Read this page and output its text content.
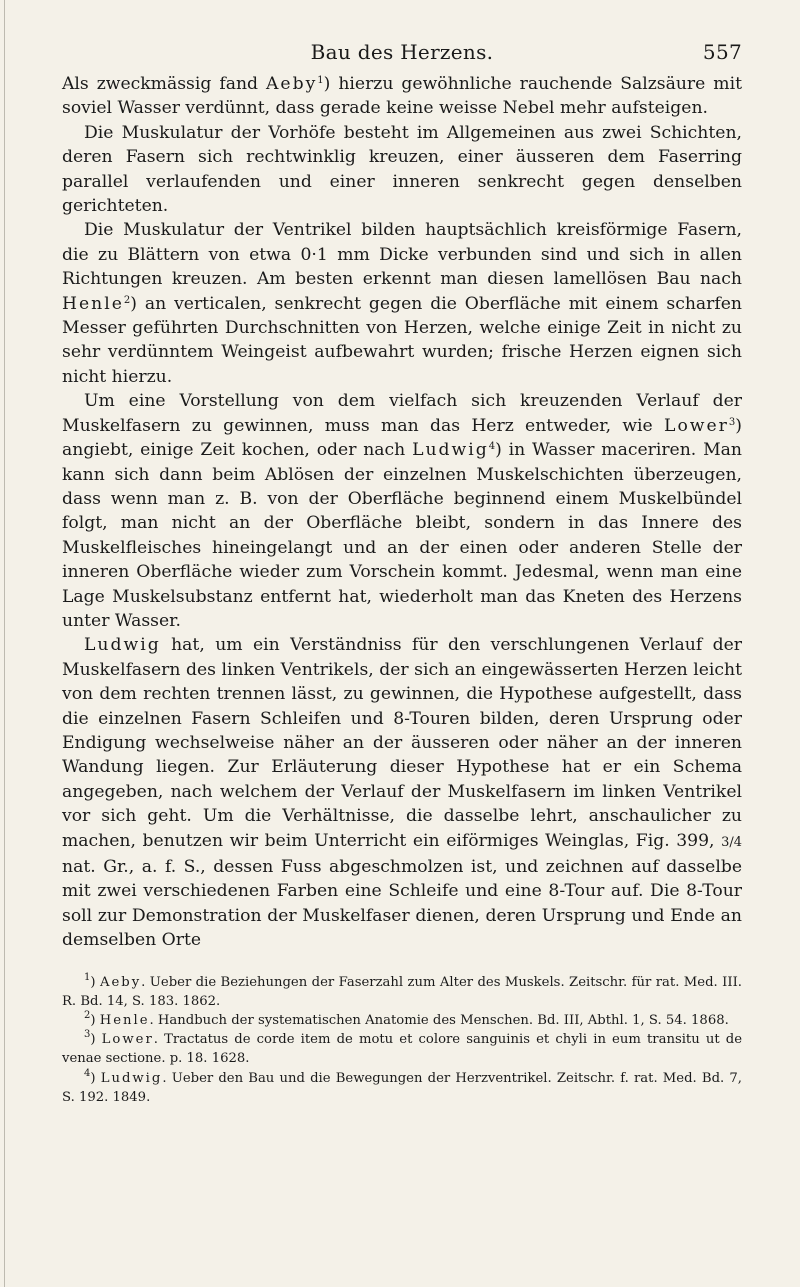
Bau des Herzens.	557

Als zweckmässig fand Aeby$^1$) hierzu gewöhnliche rauchende Salzsäure mit soviel Wasser verdünnt, dass gerade keine weisse Nebel mehr aufsteigen.

Die Muskulatur der Vorhöfe besteht im Allgemeinen aus zwei Schichten, deren Fasern sich rechtwinklig kreuzen, einer äusseren dem Faserring parallel verlaufenden und einer inneren senkrecht gegen denselben gerichteten.

Die Muskulatur der Ventrikel bilden hauptsächlich kreisförmige Fasern, die zu Blättern von etwa 0·1 mm Dicke verbunden sind und sich in allen Richtungen kreuzen. Am besten erkennt man diesen lamellösen Bau nach Henle$^2$) an verticalen, senkrecht gegen die Oberfläche mit einem scharfen Messer geführten Durchschnitten von Herzen, welche einige Zeit in nicht zu sehr verdünntem Weingeist aufbewahrt wurden; frische Herzen eignen sich nicht hierzu.

Um eine Vorstellung von dem vielfach sich kreuzenden Verlauf der Muskelfasern zu gewinnen, muss man das Herz entweder, wie Lower$^3$) angiebt, einige Zeit kochen, oder nach Ludwig$^4$) in Wasser maceriren. Man kann sich dann beim Ablösen der einzelnen Muskelschichten überzeugen, dass wenn man z. B. von der Oberfläche beginnend einem Muskelbündel folgt, man nicht an der Oberfläche bleibt, sondern in das Innere des Muskelfleisches hineingelangt und an der einen oder anderen Stelle der inneren Oberfläche wieder zum Vorschein kommt. Jedesmal, wenn man eine Lage Muskelsubstanz entfernt hat, wiederholt man das Kneten des Herzens unter Wasser.

Ludwig hat, um ein Verständniss für den verschlungenen Verlauf der Muskelfasern des linken Ventrikels, der sich an eingewässerten Herzen leicht von dem rechten trennen lässt, zu gewinnen, die Hypothese aufgestellt, dass die einzelnen Fasern Schleifen und 8-Touren bilden, deren Ursprung oder Endigung wechselweise näher an der äusseren oder näher an der inneren Wandung liegen. Zur Erläuterung dieser Hypothese hat er ein Schema angegeben, nach welchem der Verlauf der Muskelfasern im linken Ventrikel vor sich geht. Um die Verhältnisse, die dasselbe lehrt, anschaulicher zu machen, benutzen wir beim Unterricht ein eiförmiges Weinglas, Fig. 399, 3/4 nat. Gr., a. f. S., dessen Fuss abgeschmolzen ist, und zeichnen auf dasselbe mit zwei verschiedenen Farben eine Schleife und eine 8-Tour auf. Die 8-Tour soll zur Demonstration der Muskelfaser dienen, deren Ursprung und Ende an demselben Orte

$^1$) Aeby. Ueber die Beziehungen der Faserzahl zum Alter des Muskels. Zeitschr. für rat. Med. III. R. Bd. 14, S. 183. 1862.

$^2$) Henle. Handbuch der systematischen Anatomie des Menschen. Bd. III, Abthl. 1, S. 54. 1868.

$^3$) Lower. Tractatus de corde item de motu et colore sanguinis et chyli in eum transitu ut de venae sectione. p. 18. 1628.

$^4$) Ludwig. Ueber den Bau und die Bewegungen der Herzventrikel. Zeitschr. f. rat. Med. Bd. 7, S. 192. 1849.
